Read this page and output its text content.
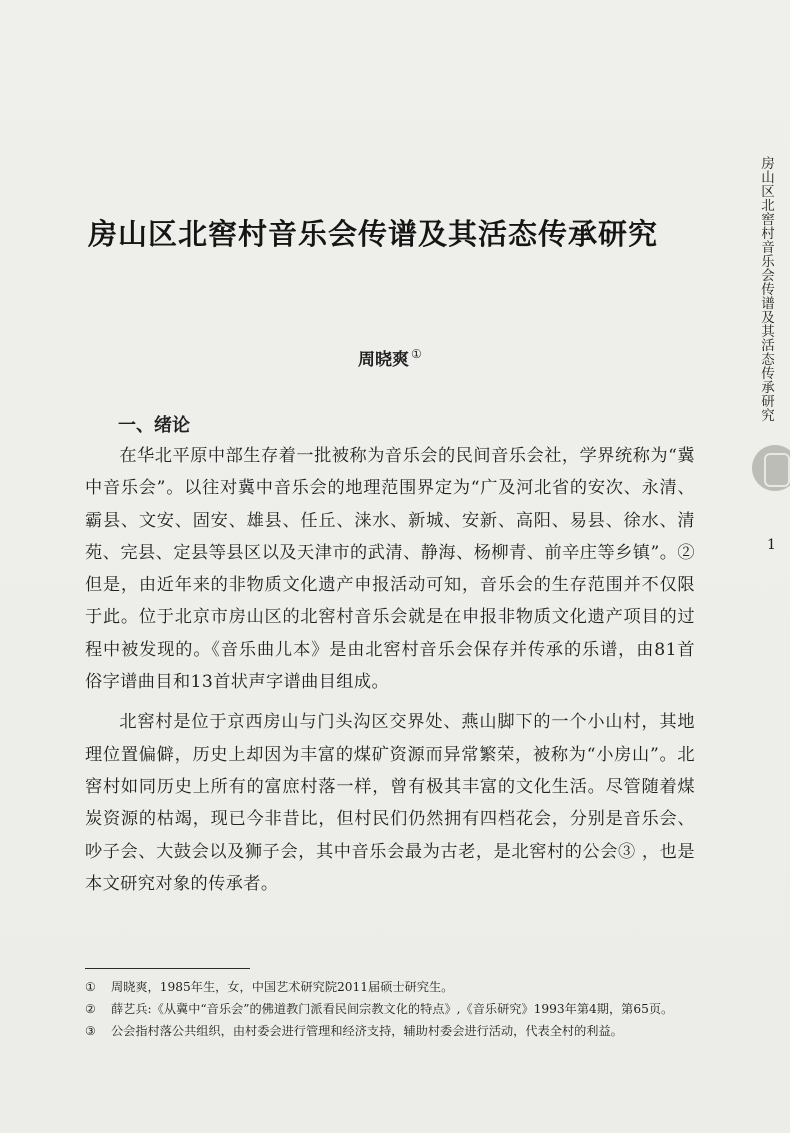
房山区北窖村音乐会传谱及其活态传承研究
1
房山区北窖村音乐会传谱及其活态传承研究
周晓爽 ①
一、绪论

在华北平原中部生存着一批被称为音乐会的民间音乐会社，学界统称为“冀中音乐会”。以往对冀中音乐会的地理范围界定为“广及河北省的安次、永清、霸县、文安、固安、雄县、任丘、涞水、新城、安新、高阳、易县、徐水、清苑、完县、定县等县区以及天津市的武清、静海、杨柳青、前辛庄等乡镇”。② 但是，由近年来的非物质文化遗产申报活动可知，音乐会的生存范围并不仅限于此。位于北京市房山区的北窖村音乐会就是在申报非物质文化遗产项目的过程中被发现的。《音乐曲儿本》是由北窖村音乐会保存并传承的乐谱，由81首俗字谱曲目和13首状声字谱曲目组成。

北窖村是位于京西房山与门头沟区交界处、燕山脚下的一个小山村，其地理位置偏僻，历史上却因为丰富的煤矿资源而异常繁荣，被称为“小房山”。北窖村如同历史上所有的富庶村落一样，曾有极其丰富的文化生活。尽管随着煤炭资源的枯竭，现已今非昔比，但村民们仍然拥有四档花会，分别是音乐会、吵子会、大鼓会以及狮子会，其中音乐会最为古老，是北窖村的公会③ ，也是本文研究对象的传承者。

① 周晓爽，1985年生，女，中国艺术研究院2011届硕士研究生。
② 薛艺兵:《从冀中“音乐会”的佛道教门派看民间宗教文化的特点》,《音乐研究》1993年第4期，第65页。
③ 公会指村落公共组织，由村委会进行管理和经济支持，辅助村委会进行活动，代表全村的利益。
